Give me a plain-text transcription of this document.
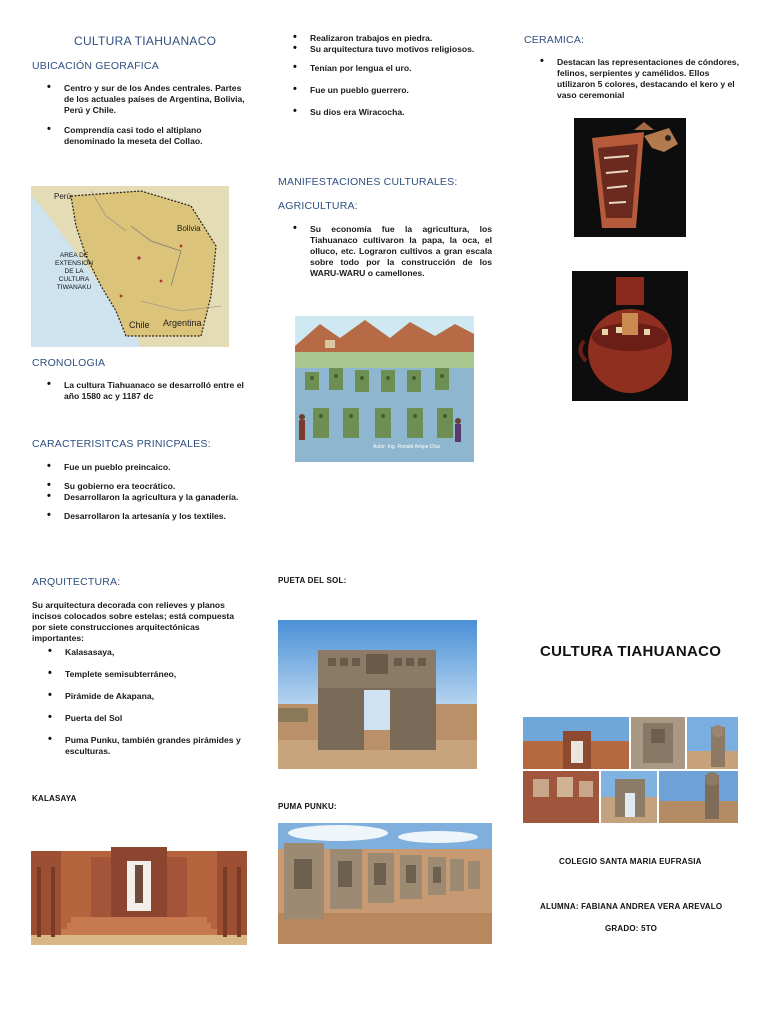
CULTURA TIAHUANACO
UBICACIÓN GEORAFICA
• Centro y sur de los Andes centrales. Partes de los actuales países de Argentina, Bolivia, Perú y Chile.
• Comprendía casi todo el altiplano denominado la meseta del Collao.
Perú
Bolivia
Chile Argentina
AREA DE EXTENSION DE LA CULTURA TIWANAKU
CRONOLOGIA
• La cultura Tiahuanaco se desarrolló entre el año 1580 ac y 1187 dc
CARACTERISITCAS PRINICPALES:
• Fue un pueblo preincaico.
• Su gobierno era teocrático.
• Desarrollaron la agricultura y la ganadería.
• Desarrollaron la artesanía y los textiles.
• Realizaron trabajos en piedra.
• Su arquitectura tuvo motivos religiosos.
• Tenían por lengua el uro.
• Fue un pueblo guerrero.
• Su dios era Wiracocha.
MANIFESTACIONES CULTURALES:
AGRICULTURA:
• Su economía fue la agricultura, los Tiahuanaco cultivaron la papa, la oca, el olluco, etc. Lograron cultivos a gran escala sobre todo por la construcción de los WARU-WARU o camellones.
Autor: Ing. Ronald Arispe Díaz
CERAMICA:
• Destacan las representaciones de cóndores, felinos, serpientes y camélidos. Ellos utilizaron 5 colores, destacando el kero y el vaso ceremonial
ARQUITECTURA:
Su arquitectura decorada con relieves y planos incisos colocados sobre estelas; está compuesta por siete construcciones arquitectónicas importantes:
• Kalasasaya,
• Templete semisubterráneo,
• Pirámide de Akapana,
• Puerta del Sol
• Puma Punku, también grandes pirámides y esculturas.
KALASAYA
PUETA DEL SOL:
PUMA PUNKU:
CULTURA TIAHUANACO
COLEGIO SANTA MARIA EUFRASIA
ALUMNA: FABIANA ANDREA VERA AREVALO
GRADO: 5TO
